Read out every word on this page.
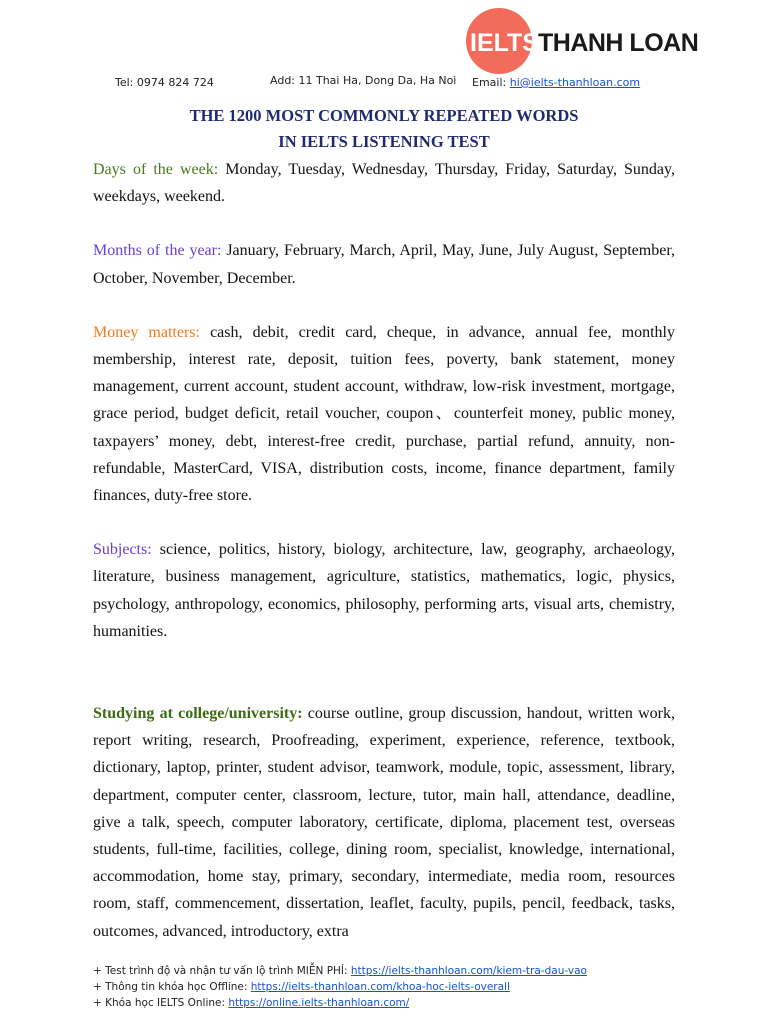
IELTS THANH LOAN
Tel: 0974 824 724	Add: 11 Thai Ha, Dong Da, Ha Noi Email: hi@ielts-thanhloan.com
THE 1200 MOST COMMONLY REPEATED WORDS
IN IELTS LISTENING TEST

Days of the week: Monday, Tuesday, Wednesday, Thursday, Friday, Saturday, Sunday, weekdays, weekend.

Months of the year: January, February, March, April, May, June, July August, September, October, November, December.

Money matters: cash, debit, credit card, cheque, in advance, annual fee, monthly membership, interest rate, deposit, tuition fees, poverty, bank statement, money management, current account, student account, withdraw, low-risk investment, mortgage, grace period, budget deficit, retail voucher, coupon、counterfeit money, public money, taxpayers’ money, debt, interest-free credit, purchase, partial refund, annuity, non-refundable, MasterCard, VISA, distribution costs, income, finance department, family finances, duty-free store.

Subjects: science, politics, history, biology, architecture, law, geography, archaeology, literature, business management, agriculture, statistics, mathematics, logic, physics, psychology, anthropology, economics, philosophy, performing arts, visual arts, chemistry, humanities.

Studying at college/university: course outline, group discussion, handout, written work, report writing, research, Proofreading, experiment, experience, reference, textbook, dictionary, laptop, printer, student advisor, teamwork, module, topic, assessment, library, department, computer center, classroom, lecture, tutor, main hall, attendance, deadline, give a talk, speech, computer laboratory, certificate, diploma, placement test, overseas students, full-time, facilities, college, dining room, specialist, knowledge, international, accommodation, home stay, primary, secondary, intermediate, media room, resources room, staff, commencement, dissertation, leaflet, faculty, pupils, pencil, feedback, tasks, outcomes, advanced, introductory, extra

+ Test trình độ và nhận tư vấn lộ trình MIỄN PHÍ: https://ielts-thanhloan.com/kiem-tra-dau-vao
+ Thông tin khóa học Offline: https://ielts-thanhloan.com/khoa-hoc-ielts-overall
+ Khóa học IELTS Online: https://online.ielts-thanhloan.com/
